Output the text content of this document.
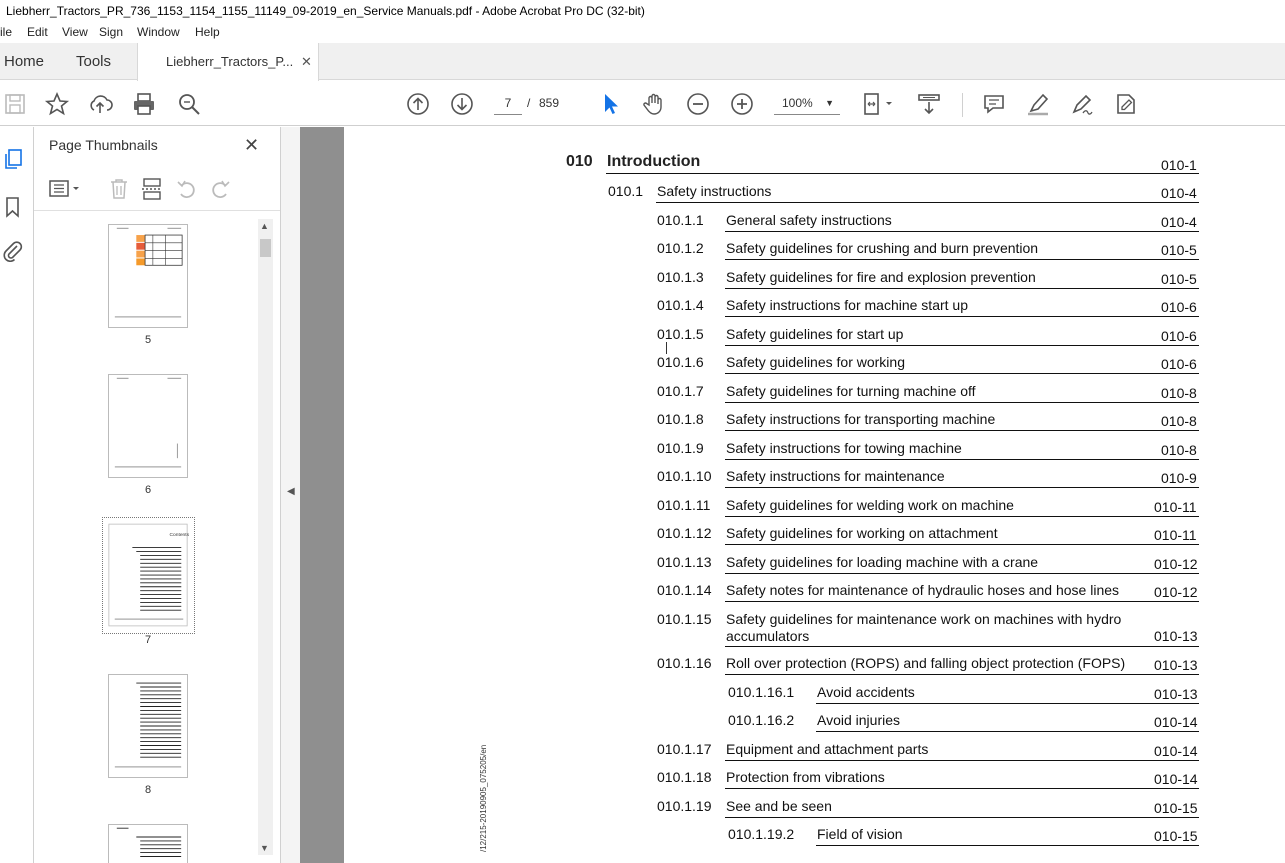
Liebherr_Tractors_PR_736_1153_1154_1155_11149_09-2019_en_Service Manuals.pdf - Adobe Acrobat Pro DC (32-bit)
ile Edit View Sign Window Help
Home Tools	Liebherr_Tractors_P... ✕
7	/ 859	100% ▼
Page Thumbnails	✕
5
6
Contents
7
8
▲
▼
◀
/12/215-20190905_075205/en
010 Introduction	010-1
010.1 Safety instructions	010-4
010.1.1 General safety instructions	010-4
010.1.2 Safety guidelines for crushing and burn prevention	010-5
010.1.3 Safety guidelines for fire and explosion prevention	010-5
010.1.4 Safety instructions for machine start up	010-6
010.1.5 Safety guidelines for start up	010-6
010.1.6 Safety guidelines for working	010-6
010.1.7 Safety guidelines for turning machine off	010-8
010.1.8 Safety instructions for transporting machine	010-8
010.1.9 Safety instructions for towing machine	010-8
010.1.10 Safety instructions for maintenance	010-9
010.1.11 Safety guidelines for welding work on machine	010-11
010.1.12 Safety guidelines for working on attachment	010-11
010.1.13 Safety guidelines for loading machine with a crane	010-12
010.1.14 Safety notes for maintenance of hydraulic hoses and hose lines 010-12
010.1.15 Safety guidelines for maintenance work on machines with hydro
accumulators	010-13
010.1.16 Roll over protection (ROPS) and falling object protection (FOPS) 010-13
010.1.16.1 Avoid accidents	010-13
010.1.16.2 Avoid injuries	010-14
010.1.17 Equipment and attachment parts	010-14
010.1.18 Protection from vibrations	010-14
010.1.19 See and be seen	010-15
010.1.19.2 Field of vision	010-15
